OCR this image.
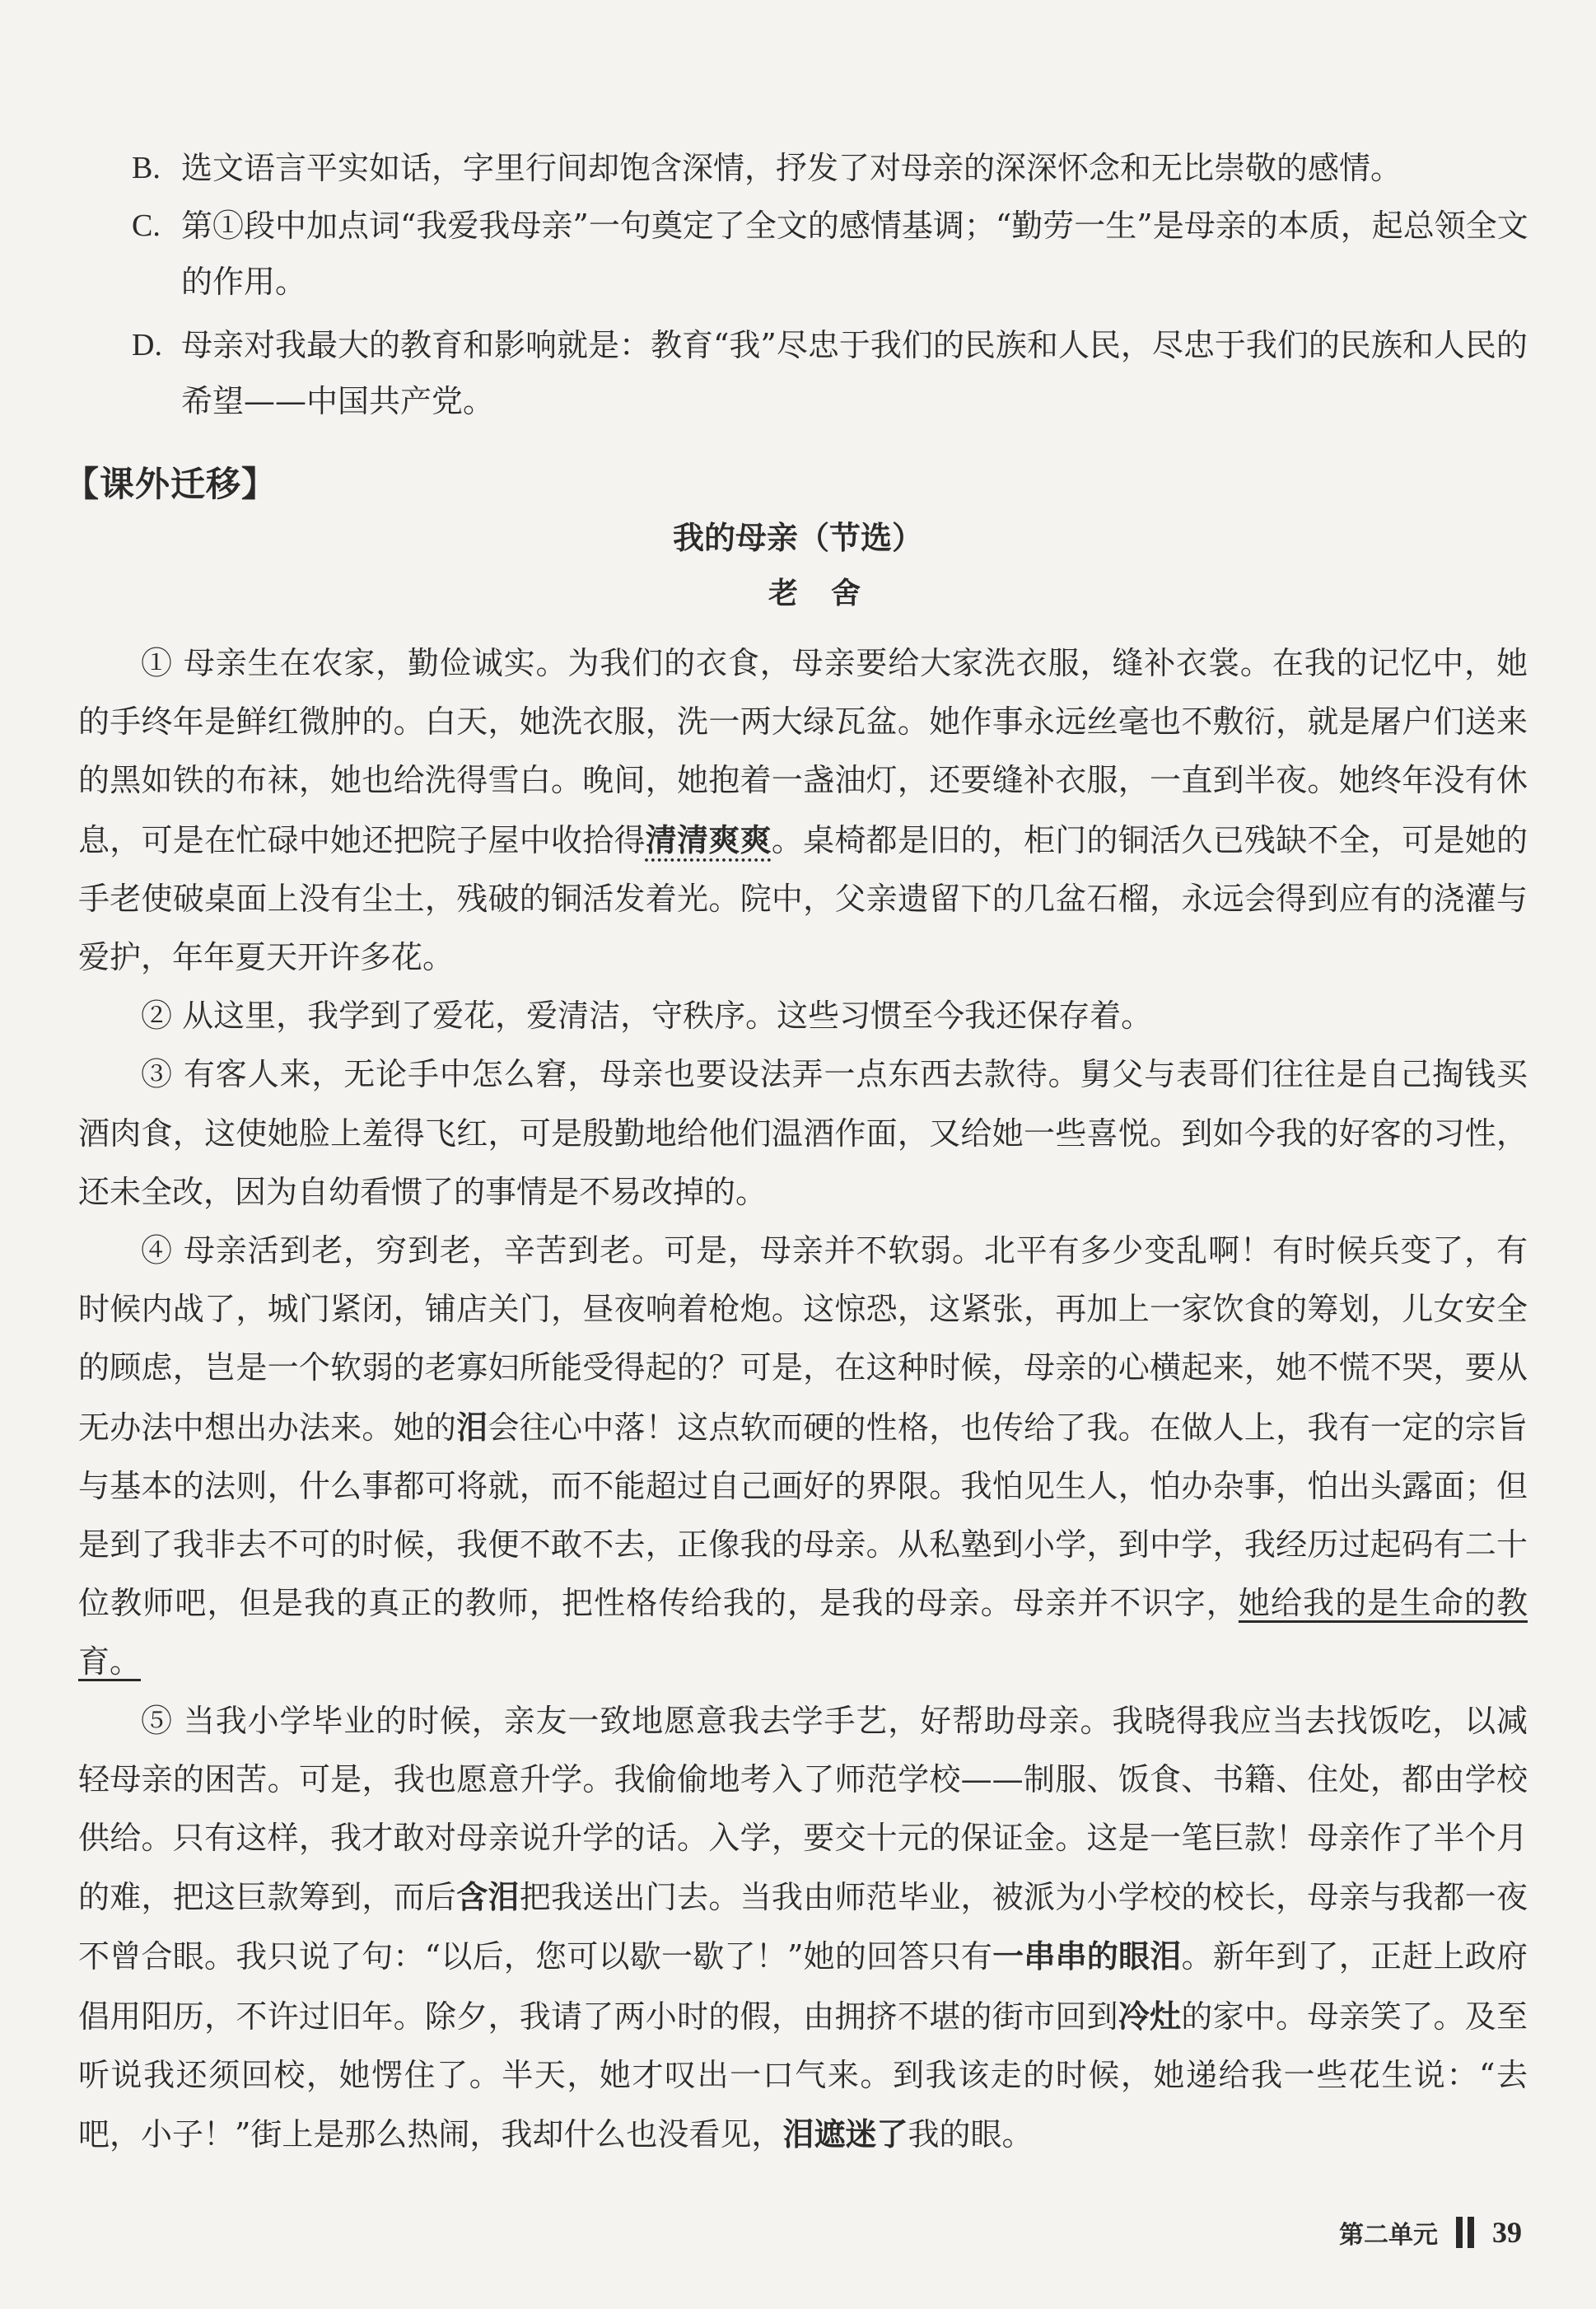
B. 选文语言平实如话，字里行间却饱含深情，抒发了对母亲的深深怀念和无比崇敬的感情。
C. 第①段中加点词“我爱我母亲”一句奠定了全文的感情基调；“勤劳一生”是母亲的本质，起总领全文的作用。
D. 母亲对我最大的教育和影响就是：教育“我”尽忠于我们的民族和人民，尽忠于我们的民族和人民的希望——中国共产党。
【课外迁移】
我的母亲（节选）
老舍

① 母亲生在农家，勤俭诚实。为我们的衣食，母亲要给大家洗衣服，缝补衣裳。在我的记忆中，她的手终年是鲜红微肿的。白天，她洗衣服，洗一两大绿瓦盆。她作事永远丝毫也不敷衍，就是屠户们送来的黑如铁的布袜，她也给洗得雪白。晚间，她抱着一盏油灯，还要缝补衣服，一直到半夜。她终年没有休息，可是在忙碌中她还把院子屋中收拾得清清爽爽。桌椅都是旧的，柜门的铜活久已残缺不全，可是她的手老使破桌面上没有尘土，残破的铜活发着光。院中，父亲遗留下的几盆石榴，永远会得到应有的浇灌与爱护，年年夏天开许多花。

② 从这里，我学到了爱花，爱清洁，守秩序。这些习惯至今我还保存着。

③ 有客人来，无论手中怎么窘，母亲也要设法弄一点东西去款待。舅父与表哥们往往是自己掏钱买酒肉食，这使她脸上羞得飞红，可是殷勤地给他们温酒作面，又给她一些喜悦。到如今我的好客的习性，还未全改，因为自幼看惯了的事情是不易改掉的。

④ 母亲活到老，穷到老，辛苦到老。可是，母亲并不软弱。北平有多少变乱啊！有时候兵变了，有时候内战了，城门紧闭，铺店关门，昼夜响着枪炮。这惊恐，这紧张，再加上一家饮食的筹划，儿女安全的顾虑，岂是一个软弱的老寡妇所能受得起的？可是，在这种时候，母亲的心横起来，她不慌不哭，要从无办法中想出办法来。她的泪会往心中落！这点软而硬的性格，也传给了我。在做人上，我有一定的宗旨与基本的法则，什么事都可将就，而不能超过自己画好的界限。我怕见生人，怕办杂事，怕出头露面；但是到了我非去不可的时候，我便不敢不去，正像我的母亲。从私塾到小学，到中学，我经历过起码有二十位教师吧，但是我的真正的教师，把性格传给我的，是我的母亲。母亲并不识字，她给我的是生命的教育。

⑤ 当我小学毕业的时候，亲友一致地愿意我去学手艺，好帮助母亲。我晓得我应当去找饭吃，以减轻母亲的困苦。可是，我也愿意升学。我偷偷地考入了师范学校——制服、饭食、书籍、住处，都由学校供给。只有这样，我才敢对母亲说升学的话。入学，要交十元的保证金。这是一笔巨款！母亲作了半个月的难，把这巨款筹到，而后含泪把我送出门去。当我由师范毕业，被派为小学校的校长，母亲与我都一夜不曾合眼。我只说了句：“以后，您可以歇一歇了！”她的回答只有一串串的眼泪。新年到了，正赶上政府倡用阳历，不许过旧年。除夕，我请了两小时的假，由拥挤不堪的街市回到冷灶的家中。母亲笑了。及至听说我还须回校，她愣住了。半天，她才叹出一口气来。到我该走的时候，她递给我一些花生说：“去吧，小子！”街上是那么热闹，我却什么也没看见，泪遮迷了我的眼。

第二单元 39
